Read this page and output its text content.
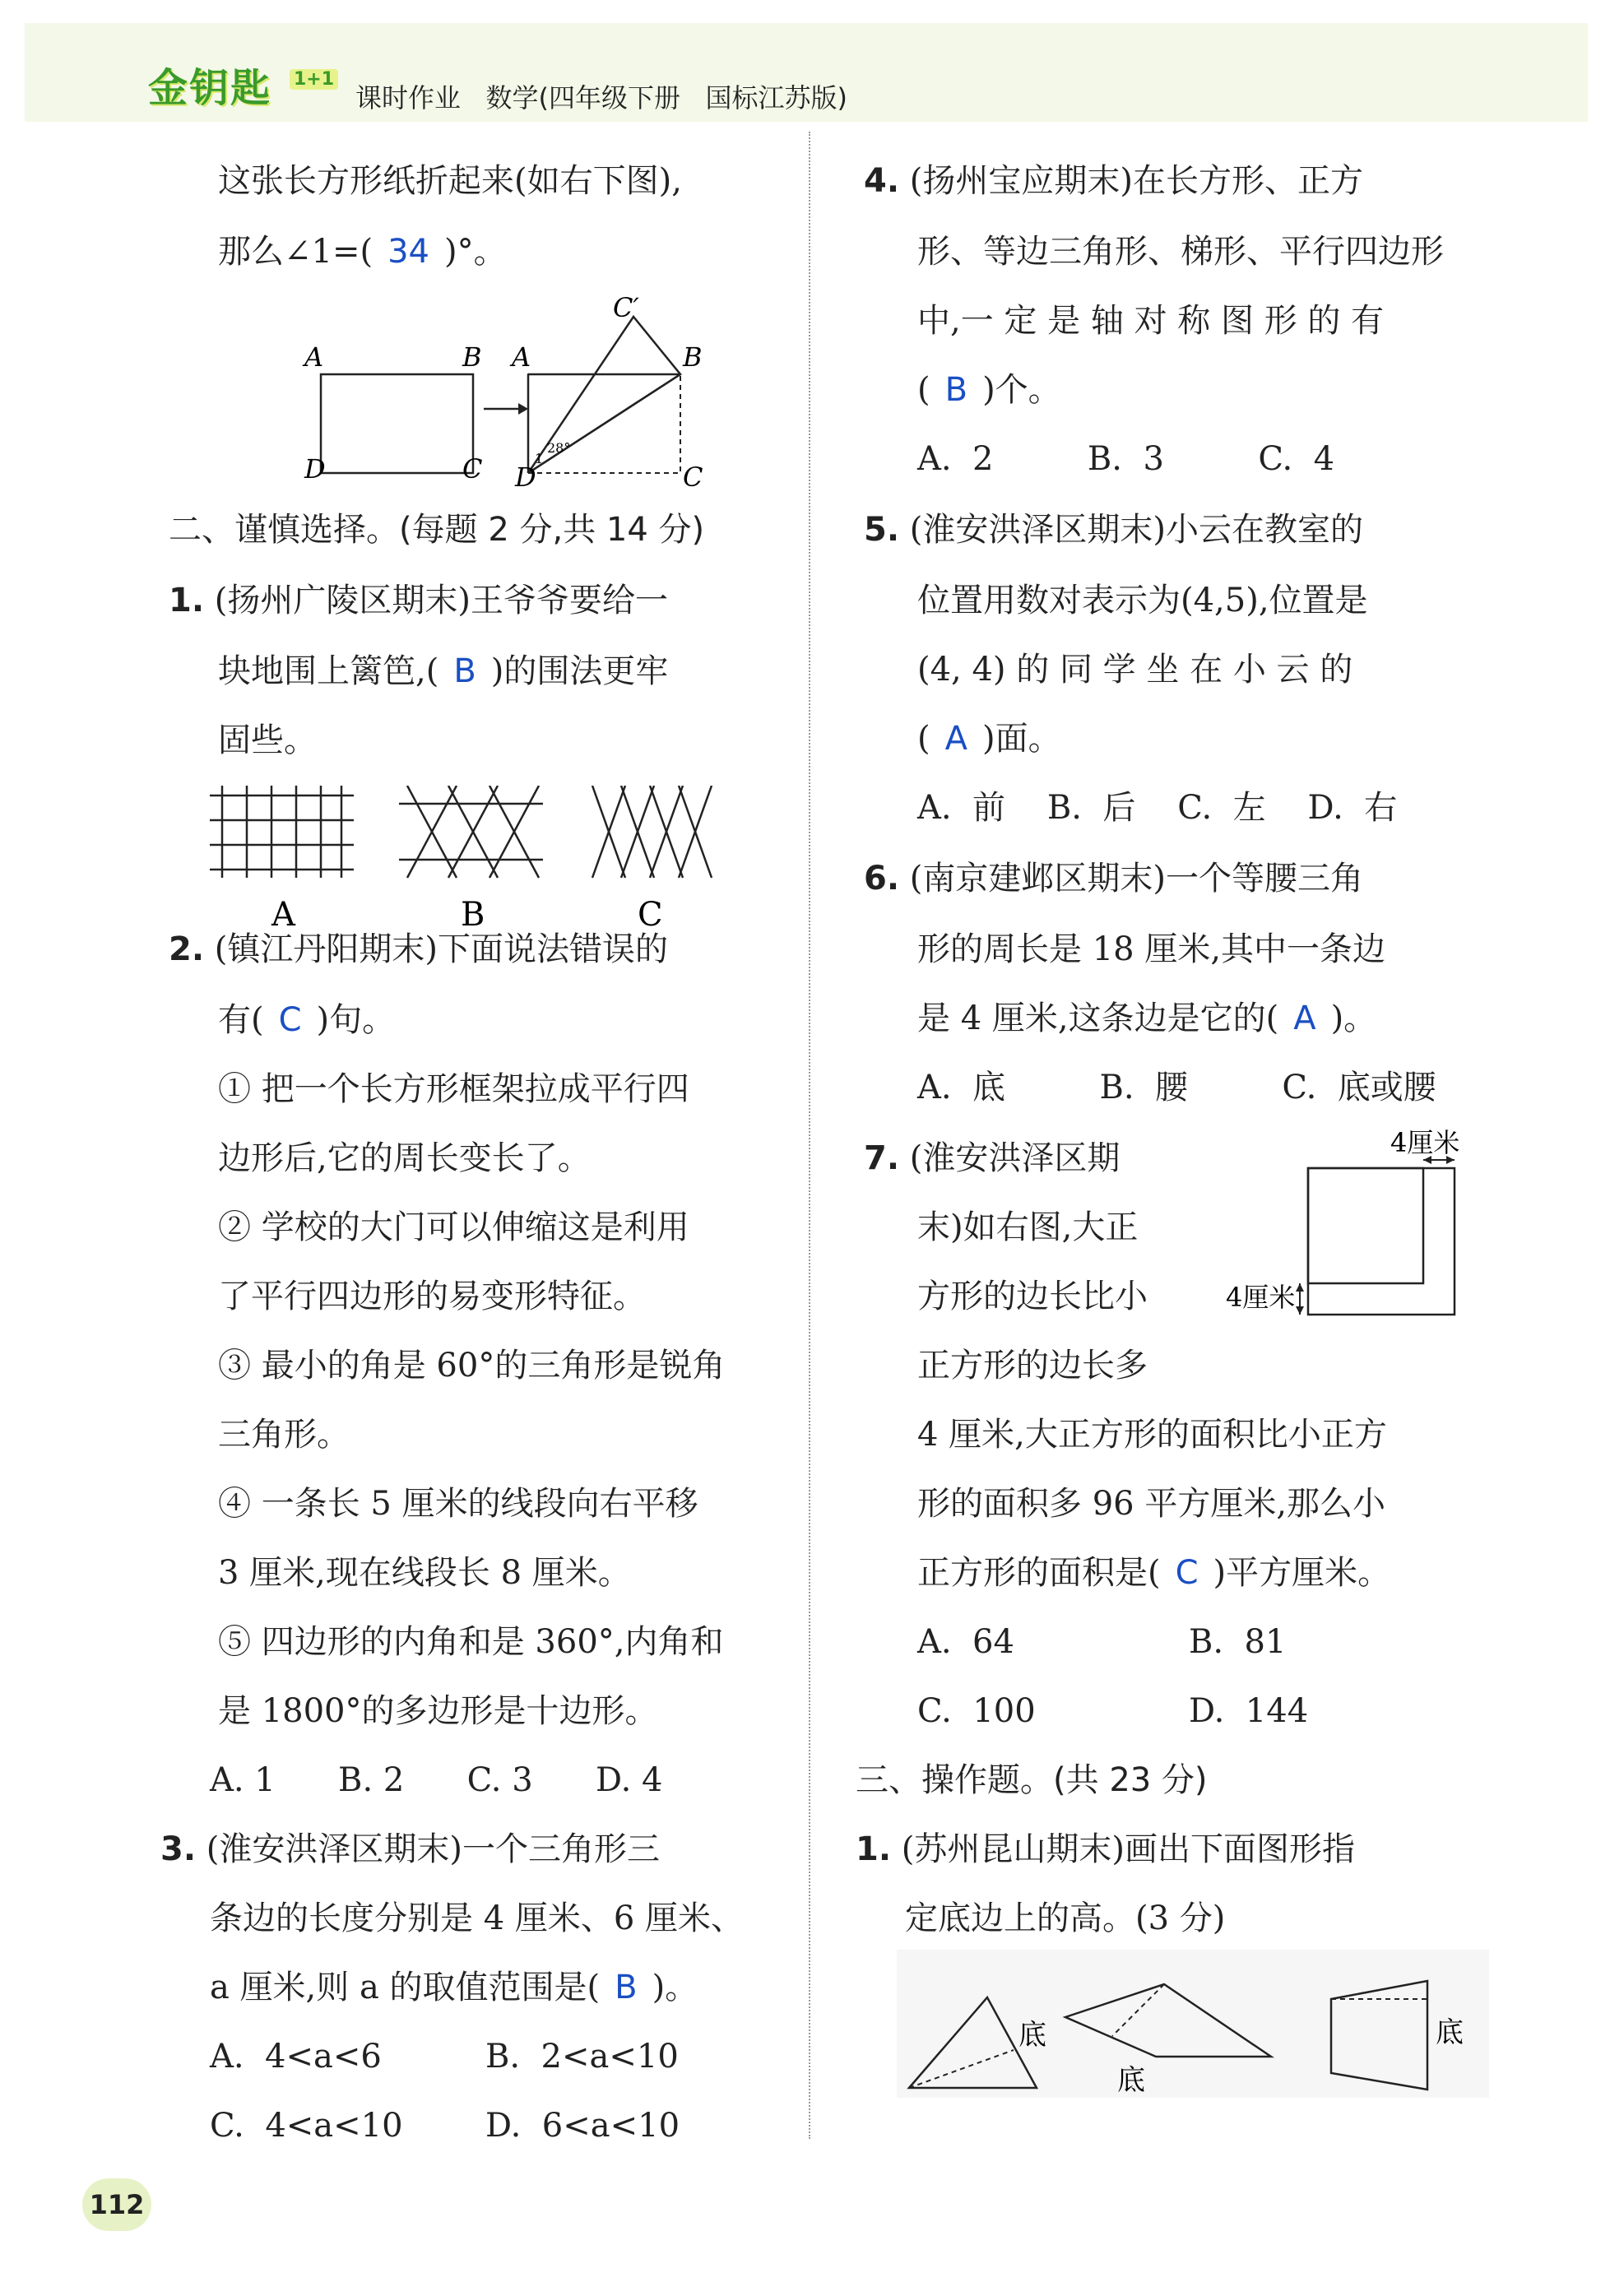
金钥匙 1+1
课时作业   数学(四年级下册   国标江苏版)
这张长方形纸折起来(如右下图),
那么∠1=( 34 )°。
A	B
D	C
A	B
D	C
C′
1
28°
二、谨慎选择。(每题 2 分,共 14 分)
1. (扬州广陵区期末)王爷爷要给一
块地围上篱笆,( B )的围法更牢
固些。
A	B	C
2. (镇江丹阳期末)下面说法错误的
有( C )句。
① 把一个长方形框架拉成平行四
边形后,它的周长变长了。
② 学校的大门可以伸缩这是利用
了平行四边形的易变形特征。
③ 最小的角是 60°的三角形是锐角
三角形。
④ 一条长 5 厘米的线段向右平移
3 厘米,现在线段长 8 厘米。
⑤ 四边形的内角和是 360°,内角和
是 1800°的多边形是十边形。
A. 1      B. 2      C. 3      D. 4
3. (淮安洪泽区期末)一个三角形三
条边的长度分别是 4 厘米、6 厘米、
a 厘米,则 a 的取值范围是( B )。
A.  4<a<6	B.  2<a<10
C.  4<a<10	D.  6<a<10
112
4. (扬州宝应期末)在长方形、正方
形、等边三角形、梯形、平行四边形
中,一 定 是 轴 对 称 图 形 的 有
( B )个。
A.  2         B.  3         C.  4
5. (淮安洪泽区期末)小云在教室的
位置用数对表示为(4,5),位置是
(4, 4) 的 同 学 坐 在 小 云 的
( A )面。
A.  前    B.  后    C.  左    D.  右
6. (南京建邺区期末)一个等腰三角
形的周长是 18 厘米,其中一条边
是 4 厘米,这条边是它的( A )。
A.  底         B.  腰         C.  底或腰
7. (淮安洪泽区期
末)如右图,大正
方形的边长比小
正方形的边长多
4 厘米,大正方形的面积比小正方
形的面积多 96 平方厘米,那么小
正方形的面积是( C )平方厘米。
A.  64	B.  81
C.  100	D.  144
4厘米
4厘米
三、操作题。(共 23 分)
1. (苏州昆山期末)画出下面图形指
定底边上的高。(3 分)
底
底
底
